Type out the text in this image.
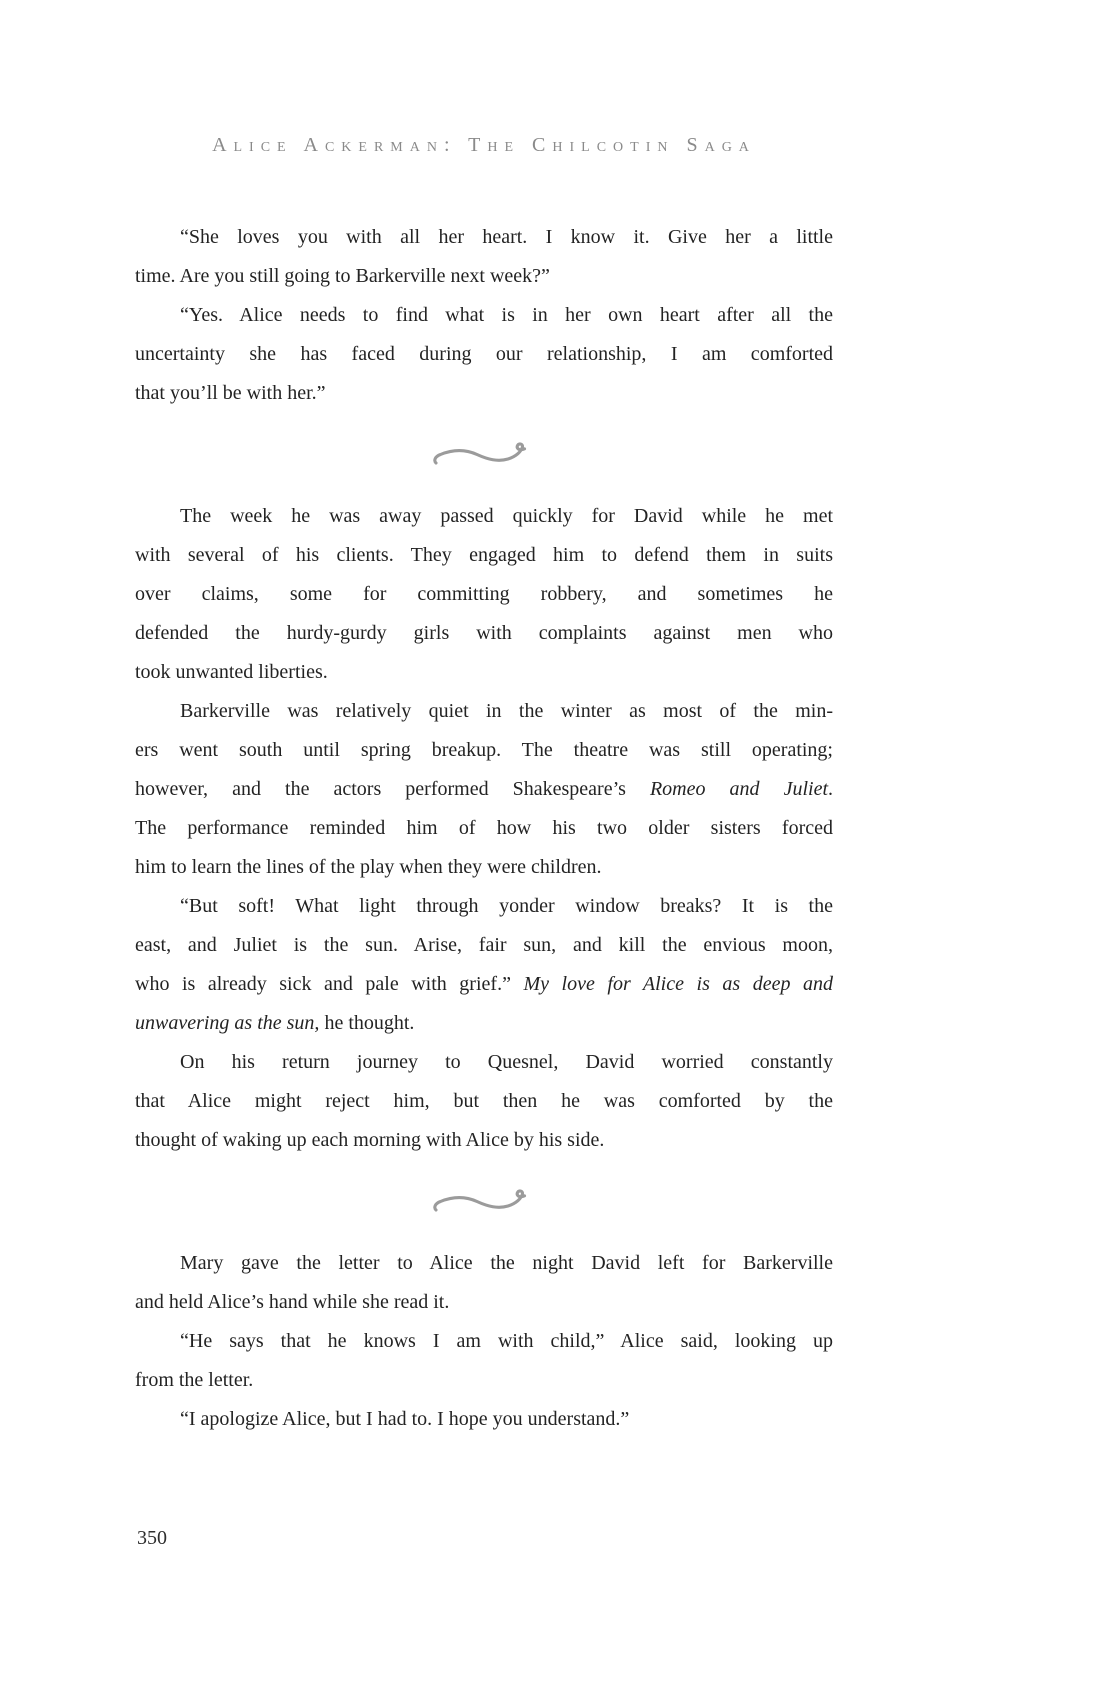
Alice Ackerman: The Chilcotin Saga
“She loves you with all her heart. I know it. Give her a little
time. Are you still going to Barkerville next week?”
“Yes. Alice needs to find what is in her own heart after all the
uncertainty she has faced during our relationship, I am comforted
that you’ll be with her.”
The week he was away passed quickly for David while he met
with several of his clients. They engaged him to defend them in suits
over claims, some for committing robbery, and sometimes he
defended the hurdy-gurdy girls with complaints against men who
took unwanted liberties.
Barkerville was relatively quiet in the winter as most of the min-
ers went south until spring breakup. The theatre was still operating;
however, and the actors performed Shakespeare’s Romeo and Juliet.
The performance reminded him of how his two older sisters forced
him to learn the lines of the play when they were children.
“But soft! What light through yonder window breaks? It is the
east, and Juliet is the sun. Arise, fair sun, and kill the envious moon,
who is already sick and pale with grief.” My love for Alice is as deep and
unwavering as the sun, he thought.
On his return journey to Quesnel, David worried constantly
that Alice might reject him, but then he was comforted by the
thought of waking up each morning with Alice by his side.
Mary gave the letter to Alice the night David left for Barkerville
and held Alice’s hand while she read it.
“He says that he knows I am with child,” Alice said, looking up
from the letter.
“I apologize Alice, but I had to. I hope you understand.”
350
